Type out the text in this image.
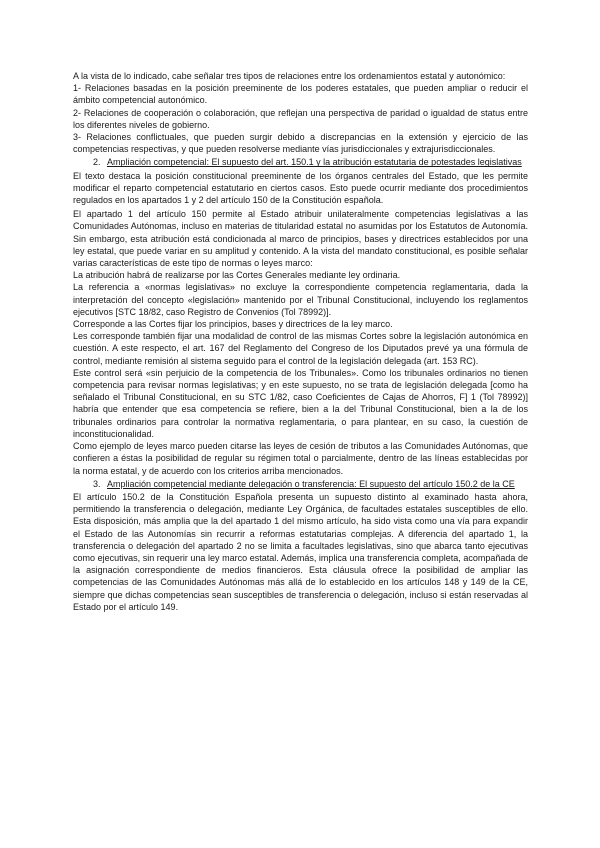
A la vista de lo indicado, cabe señalar tres tipos de relaciones entre los ordenamientos estatal y autonómico:

1- Relaciones basadas en la posición preeminente de los poderes estatales, que pueden ampliar o reducir el ámbito competencial autonómico.

2- Relaciones de cooperación o colaboración, que reflejan una perspectiva de paridad o igualdad de status entre los diferentes niveles de gobierno.

3- Relaciones conflictuales, que pueden surgir debido a discrepancias en la extensión y ejercicio de las competencias respectivas, y que pueden resolverse mediante vías jurisdiccionales y extrajurisdiccionales.

2. Ampliación competencial: El supuesto del art. 150.1 y la atribución estatutaria de potestades legislativas

El texto destaca la posición constitucional preeminente de los órganos centrales del Estado, que les permite modificar el reparto competencial estatutario en ciertos casos. Esto puede ocurrir mediante dos procedimientos regulados en los apartados 1 y 2 del artículo 150 de la Constitución española.

El apartado 1 del artículo 150 permite al Estado atribuir unilateralmente competencias legislativas a las Comunidades Autónomas, incluso en materias de titularidad estatal no asumidas por los Estatutos de Autonomía. Sin embargo, esta atribución está condicionada al marco de principios, bases y directrices establecidos por una ley estatal, que puede variar en su amplitud y contenido. A la vista del mandato constitucional, es posible señalar varias características de este tipo de normas o leyes marco:

La atribución habrá de realizarse por las Cortes Generales mediante ley ordinaria.

La referencia a «normas legislativas» no excluye la correspondiente competencia reglamentaria, dada la interpretación del concepto «legislación» mantenido por el Tribunal Constitucional, incluyendo los reglamentos ejecutivos [STC 18/82, caso Registro de Convenios (Tol 78992)].

Corresponde a las Cortes fijar los principios, bases y directrices de la ley marco.

Les corresponde también fijar una modalidad de control de las mismas Cortes sobre la legislación autonómica en cuestión. A este respecto, el art. 167 del Reglamento del Congreso de los Diputados prevé ya una fórmula de control, mediante remisión al sistema seguido para el control de la legislación delegada (art. 153 RC).

Este control será «sin perjuicio de la competencia de los Tribunales». Como los tribunales ordinarios no tienen competencia para revisar normas legislativas; y en este supuesto, no se trata de legislación delegada [como ha señalado el Tribunal Constitucional, en su STC 1/82, caso Coeficientes de Cajas de Ahorros, F] 1 (Tol 78992)] habría que entender que esa competencia se refiere, bien a la del Tribunal Constitucional, bien a la de los tribunales ordinarios para controlar la normativa reglamentaria, o para plantear, en su caso, la cuestión de inconstitucionalidad.

Como ejemplo de leyes marco pueden citarse las leyes de cesión de tributos a las Comunidades Autónomas, que confieren a éstas la posibilidad de regular su régimen total o parcialmente, dentro de las líneas establecidas por la norma estatal, y de acuerdo con los criterios arriba mencionados.

3. Ampliación competencial mediante delegación o transferencia: El supuesto del artículo 150.2 de la CE

El artículo 150.2 de la Constitución Española presenta un supuesto distinto al examinado hasta ahora, permitiendo la transferencia o delegación, mediante Ley Orgánica, de facultades estatales susceptibles de ello. Esta disposición, más amplia que la del apartado 1 del mismo artículo, ha sido vista como una vía para expandir el Estado de las Autonomías sin recurrir a reformas estatutarias complejas. A diferencia del apartado 1, la transferencia o delegación del apartado 2 no se limita a facultades legislativas, sino que abarca tanto ejecutivas como ejecutivas, sin requerir una ley marco estatal. Además, implica una transferencia completa, acompañada de la asignación correspondiente de medios financieros. Esta cláusula ofrece la posibilidad de ampliar las competencias de las Comunidades Autónomas más allá de lo establecido en los artículos 148 y 149 de la CE, siempre que dichas competencias sean susceptibles de transferencia o delegación, incluso si están reservadas al Estado por el artículo 149.
